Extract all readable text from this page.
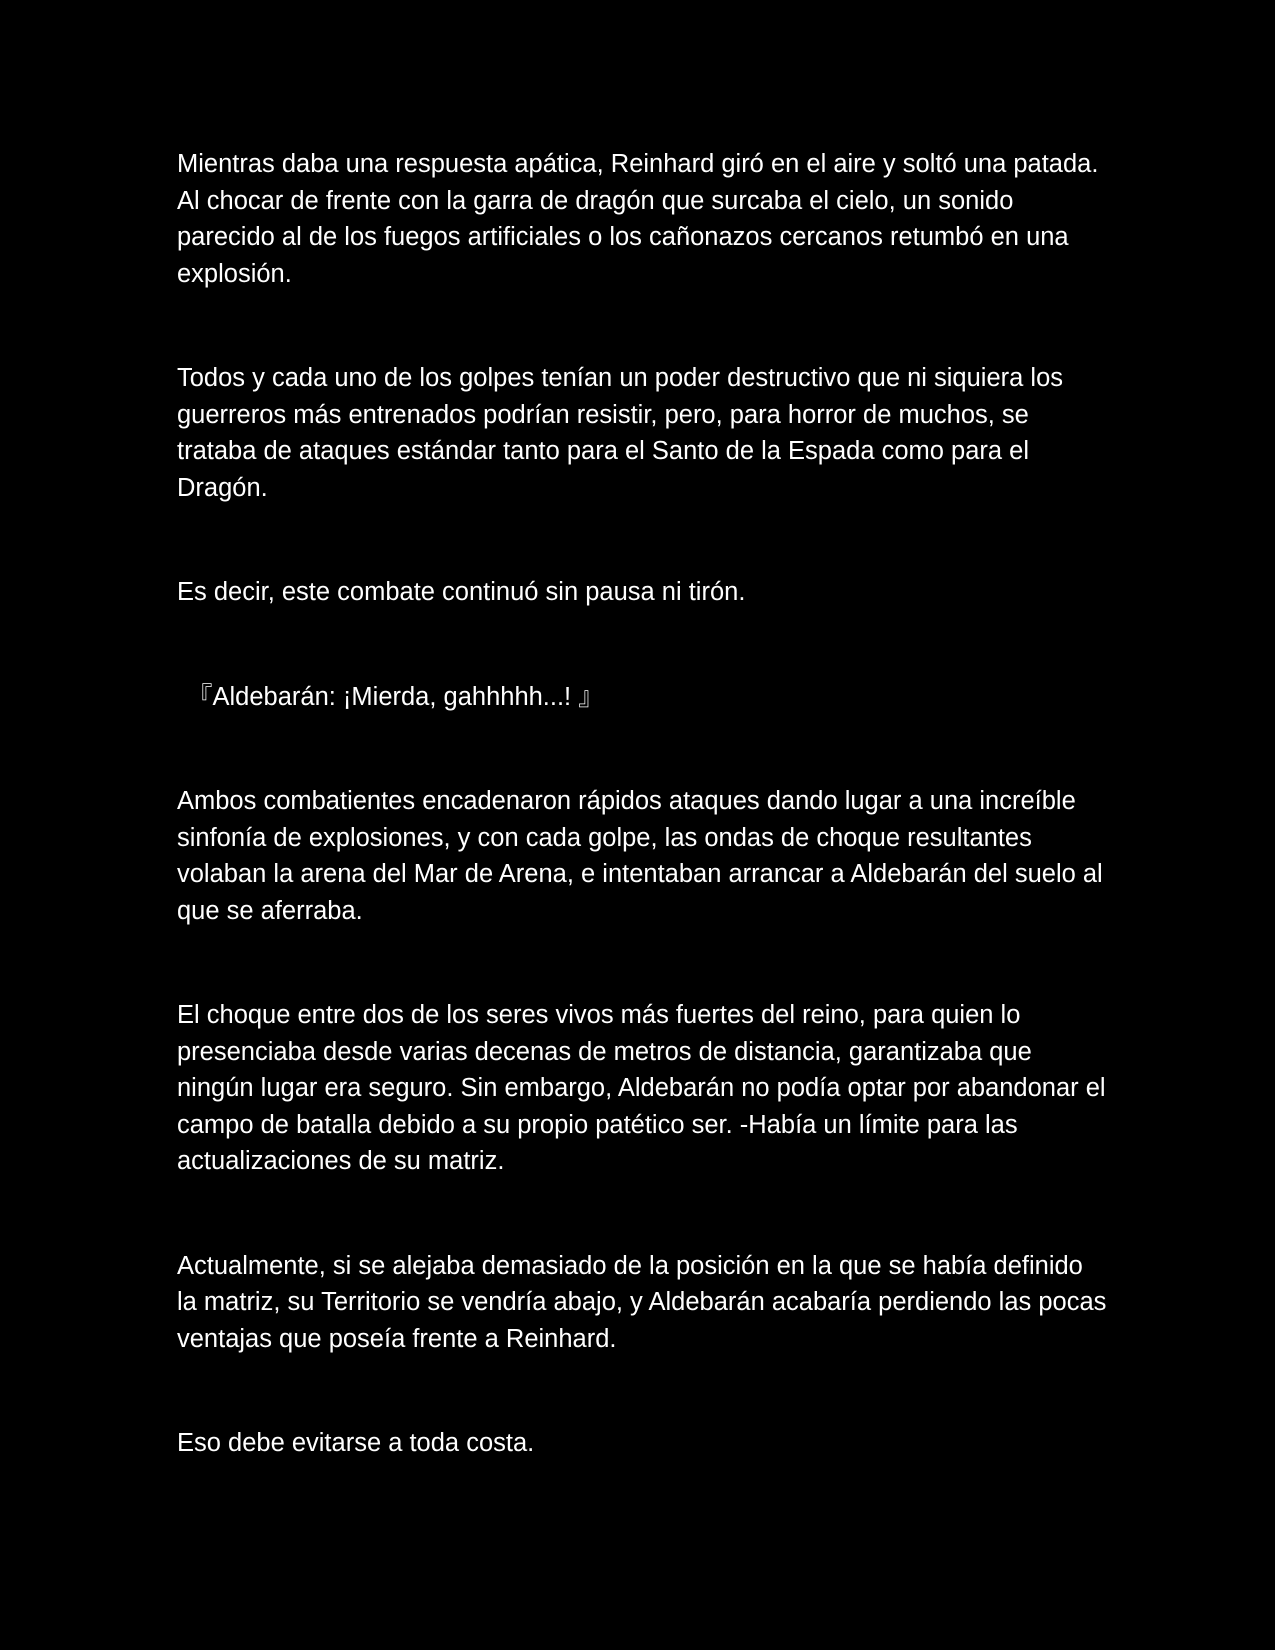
Mientras daba una respuesta apática, Reinhard giró en el aire y soltó una patada. Al chocar de frente con la garra de dragón que surcaba el cielo, un sonido parecido al de los fuegos artificiales o los cañonazos cercanos retumbó en una explosión.

Todos y cada uno de los golpes tenían un poder destructivo que ni siquiera los guerreros más entrenados podrían resistir, pero, para horror de muchos, se trataba de ataques estándar tanto para el Santo de la Espada como para el Dragón.

Es decir, este combate continuó sin pausa ni tirón.

『Aldebarán: ¡Mierda, gahhhhh...! 』

Ambos combatientes encadenaron rápidos ataques dando lugar a una increíble sinfonía de explosiones, y con cada golpe, las ondas de choque resultantes volaban la arena del Mar de Arena, e intentaban arrancar a Aldebarán del suelo al que se aferraba.

El choque entre dos de los seres vivos más fuertes del reino, para quien lo presenciaba desde varias decenas de metros de distancia, garantizaba que ningún lugar era seguro. Sin embargo, Aldebarán no podía optar por abandonar el campo de batalla debido a su propio patético ser. -Había un límite para las actualizaciones de su matriz.

Actualmente, si se alejaba demasiado de la posición en la que se había definido la matriz, su Territorio se vendría abajo, y Aldebarán acabaría perdiendo las pocas ventajas que poseía frente a Reinhard.

Eso debe evitarse a toda costa.
